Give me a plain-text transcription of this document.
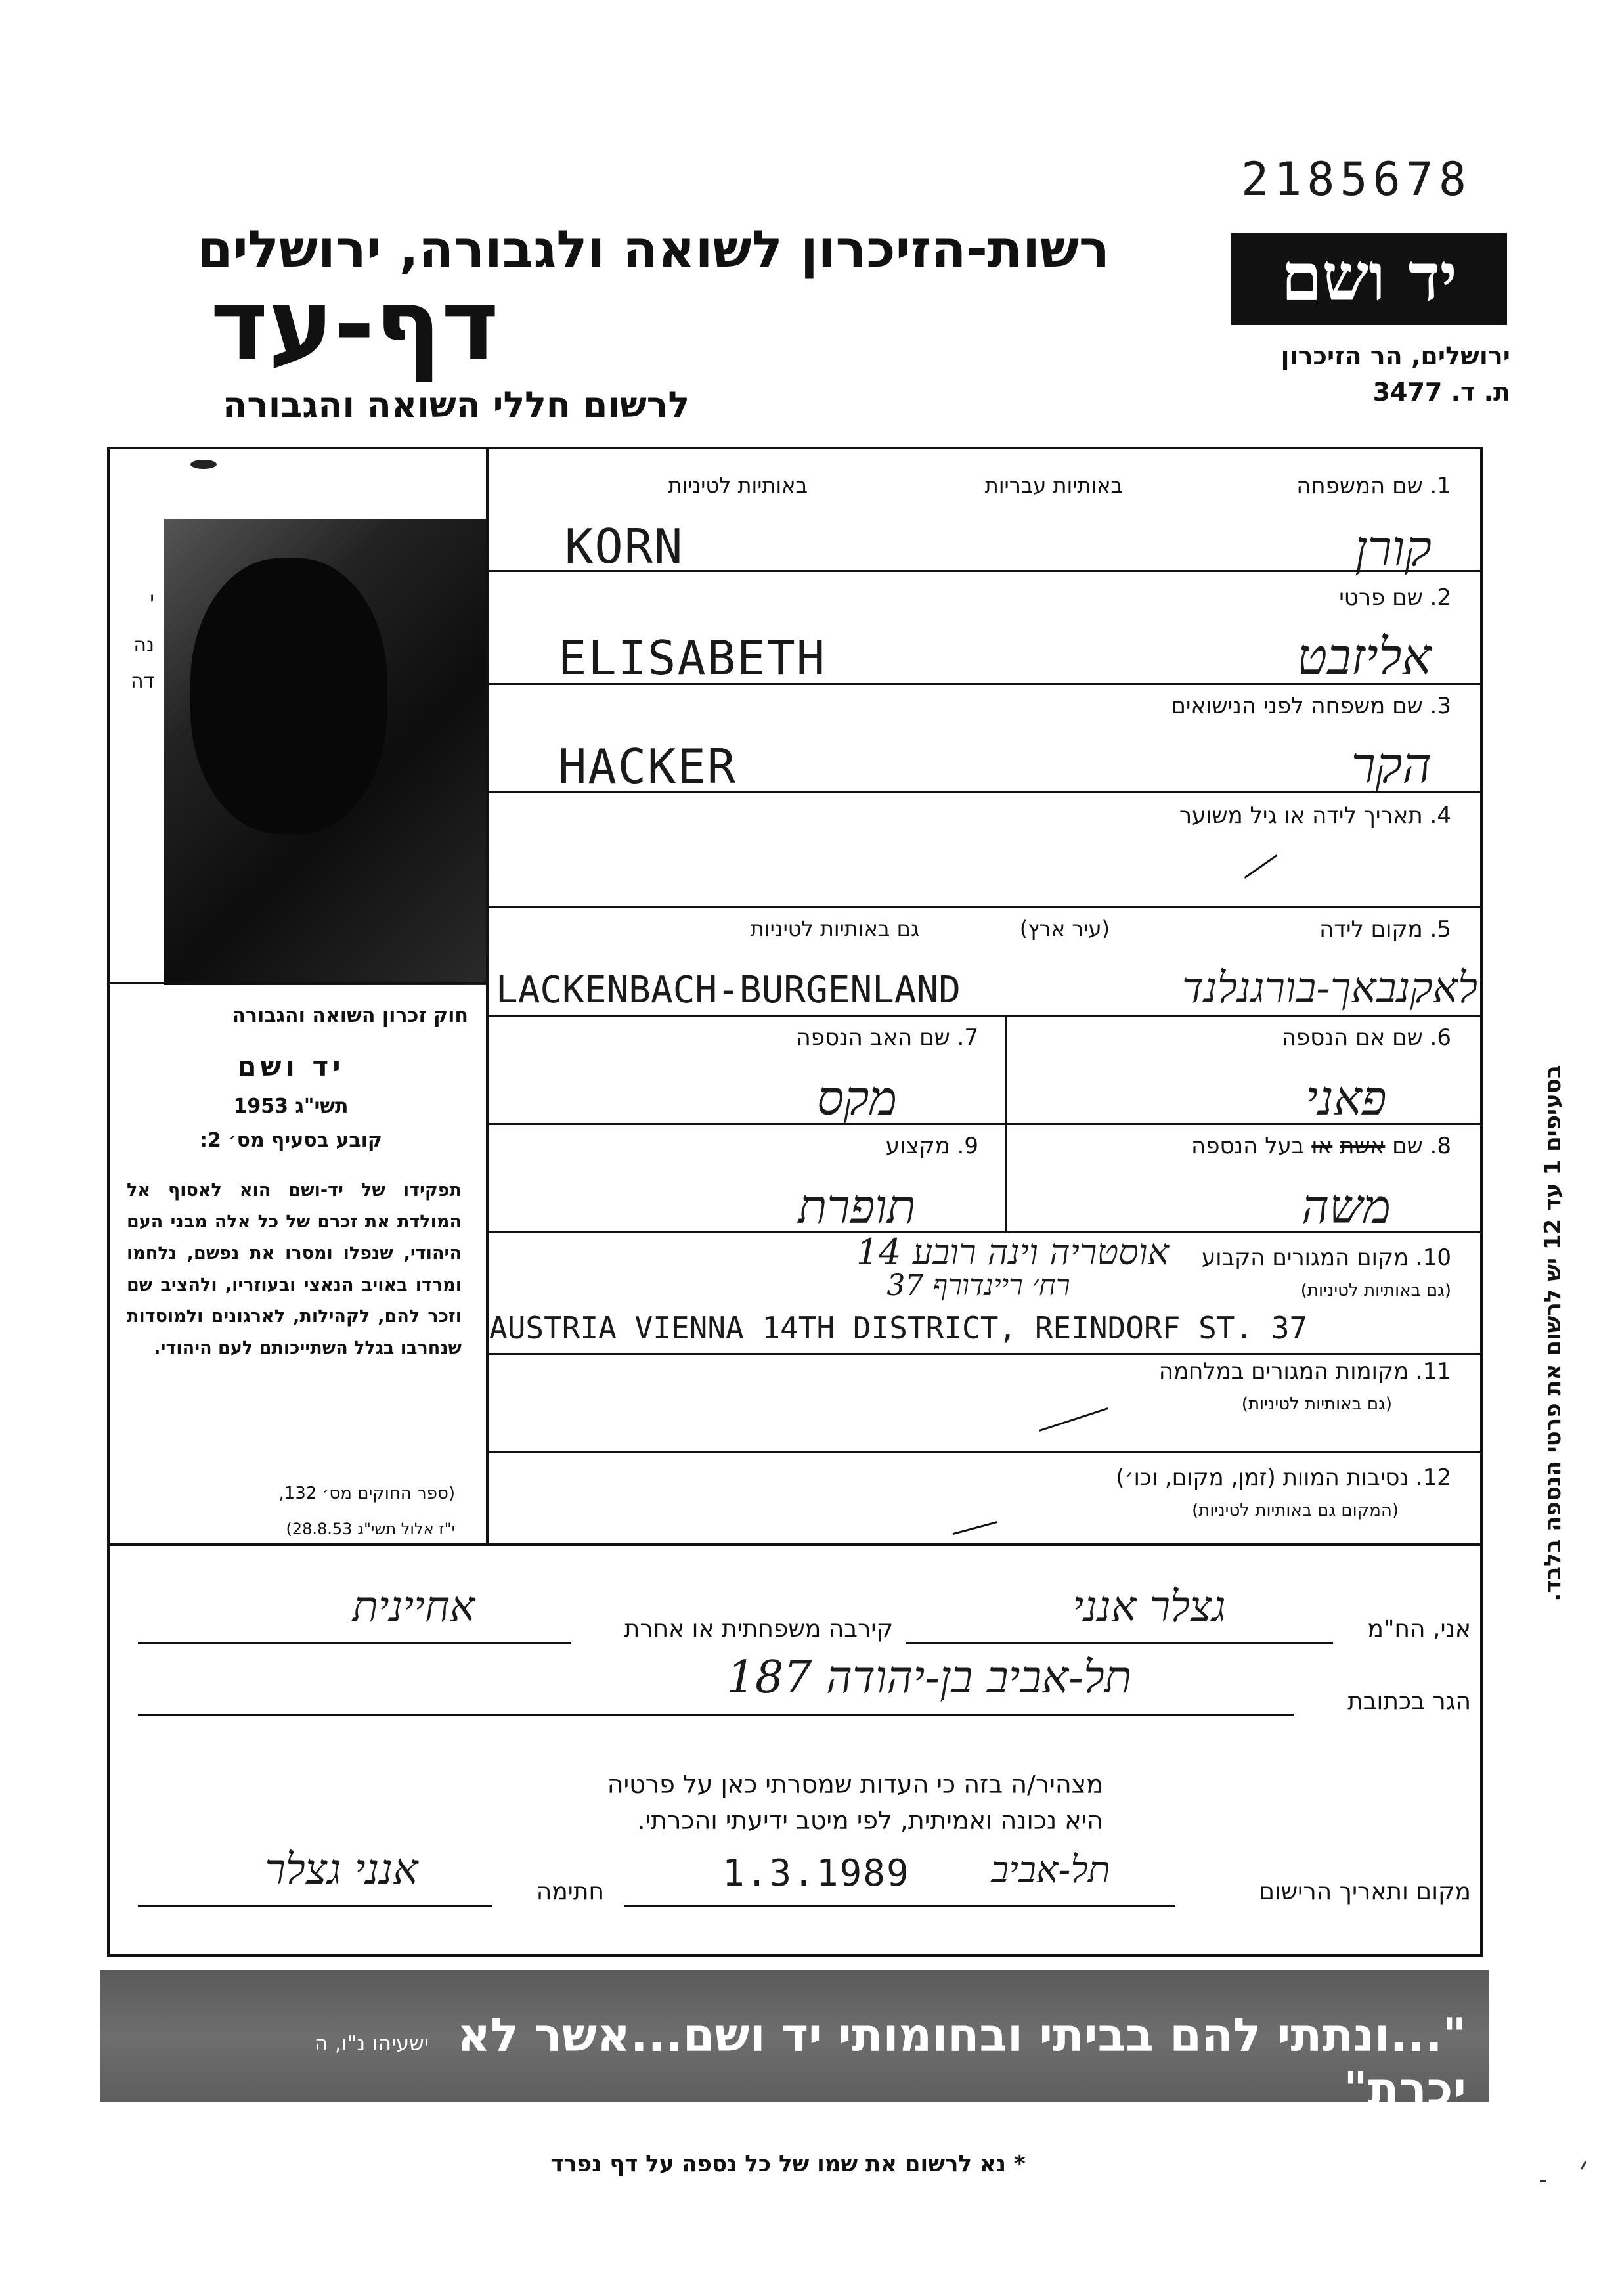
2185678
רשות-הזיכרון לשואה ולגבורה, ירושלים
דף-עד
לרשום חללי השואה והגבורה
יד ושם
ירושלים, הר הזיכרון
ת. ד. 3477
י
נה
דה
חוק זכרון השואה והגבורה
יד ושם
תשי"ג 1953
קובע בסעיף מס׳ 2:
תפקידו של יד-ושם הוא לאסוף אל המולדת את זכרם של כל אלה מבני העם היהודי, שנפלו ומסרו את נפשם, נלחמו ומרדו באויב הנאצי ובעוזריו, ולהציב שם וזכר להם, לקהילות, לארגונים ולמוסדות שנחרבו בגלל השתייכותם לעם היהודי.
(ספר החוקים מס׳ 132,
י"ז אלול תשי"ג 28.8.53)
1. שם המשפחה
באותיות עבריות
באותיות לטיניות
KORN	קורן
2. שם פרטי
ELISABETH	אליזבט
3. שם משפחה לפני הנישואים
HACKER	הקר
4. תאריך לידה או גיל משוער
5. מקום לידה
(עיר ארץ)
גם באותיות לטיניות
LACKENBACH-BURGENLAND	לאקנבאך-בורגנלנד
6. שם אם הנספה
פאני
7. שם האב הנספה
מקס
8. שם אשת או בעל הנספה
משה
9. מקצוע
תופרת
10. מקום המגורים הקבוע
(גם באותיות לטיניות)
אוסטריה וינה רובע 14
רח׳ ריינדורף 37
AUSTRIA VIENNA 14TH DISTRICT, REINDORF ST. 37
11. מקומות המגורים במלחמה
(גם באותיות לטיניות)
12. נסיבות המוות (זמן, מקום, וכו׳)
(המקום גם באותיות לטיניות)	בסעיפים 1 עד 12 יש לרשום את פרטי הנספה בלבד.
אני, הח"מ
גצלר אנני
קירבה משפחתית או אחרת
אחיינית
הגר בכתובת
תל-אביב בן-יהודה 187
מצהיר/ה בזה כי העדות שמסרתי כאן על פרטיה
היא נכונה ואמיתית, לפי מיטב ידיעתי והכרתי.
מקום ותאריך הרישום
תל-אביב
1.3.1989
חתימה
אנני גצלר
"...ונתתי להם בביתי ובחומותי יד ושם...אשר לא יכרת"
ישעיהו נ"ו, ה
* נא לרשום את שמו של כל נספה על דף נפרד
